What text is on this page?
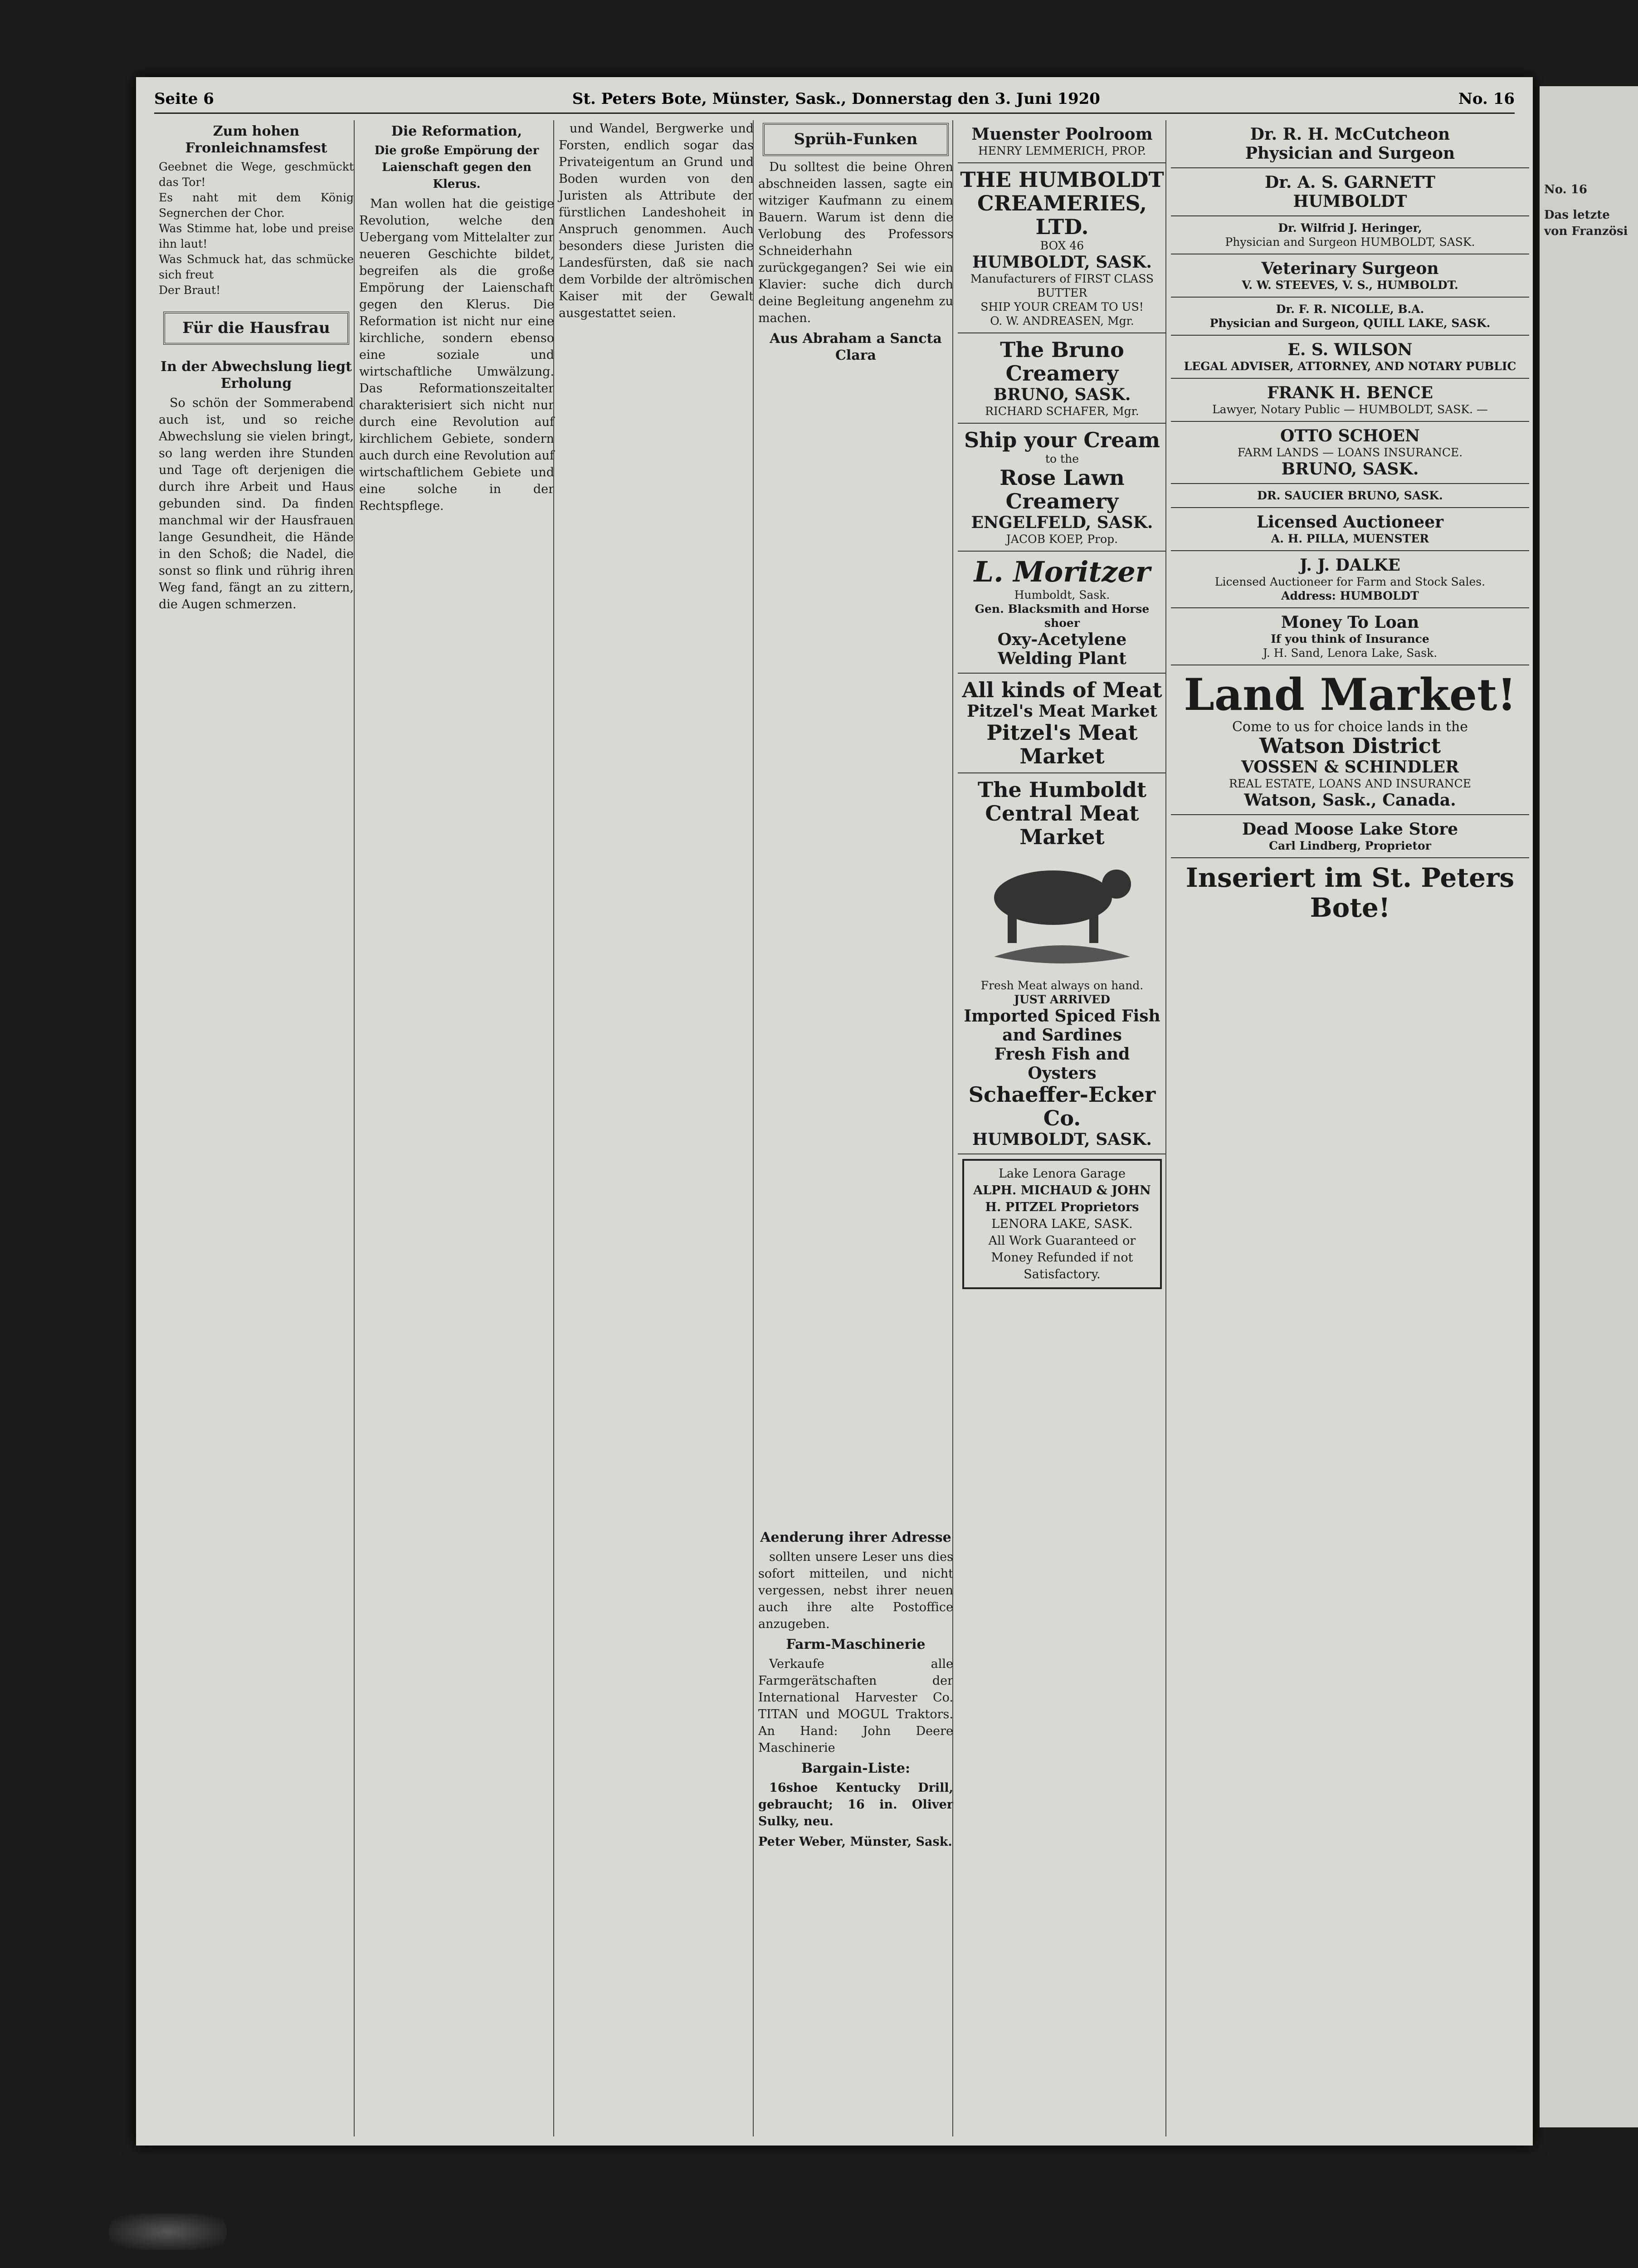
Seite 6	St. Peters Bote, Münster, Sask., Donnerstag den 3. Juni 1920	No. 16
Zum hohen Fronleichnamsfest
Geebnet die Wege, geschmückt das Tor!
Es naht mit dem König Segnerchen der Chor.
Was Stimme hat, lobe und preise ihn laut!
Was Schmuck hat, das schmücke sich freut
Der Braut!
Für die Hausfrau
In der Abwechslung liegt Erholung

So schön der Sommerabend auch ist, und so reiche Abwechslung sie vielen bringt, so lang werden ihre Stunden und Tage oft derjenigen die durch ihre Arbeit und Haus gebunden sind. Da finden manchmal wir der Hausfrauen lange Gesundheit, die Hände in den Schoß; die Nadel, die sonst so flink und rührig ihren Weg fand, fängt an zu zittern, die Augen schmerzen.

Die Reformation,
Die große Empörung der Laienschaft gegen den Klerus.

Man wollen hat die geistige Revolution, welche den Uebergang vom Mittelalter zur neueren Geschichte bildet, begreifen als die große Empörung der Laienschaft gegen den Klerus. Die Reformation ist nicht nur eine kirchliche, sondern ebenso eine soziale und wirtschaftliche Umwälzung. Das Reformationszeitalter charakterisiert sich nicht nur durch eine Revolution auf kirchlichem Gebiete, sondern auch durch eine Revolution auf wirtschaftlichem Gebiete und eine solche in der Rechtspflege.

und Wandel, Bergwerke und Forsten, endlich sogar das Privateigentum an Grund und Boden wurden von den Juristen als Attribute der fürstlichen Landeshoheit in Anspruch genommen. Auch besonders diese Juristen die Landesfürsten, daß sie nach dem Vorbilde der altrömischen Kaiser mit der Gewalt ausgestattet seien.

Sprüh-Funken

Du solltest die beine Ohren abschneiden lassen, sagte ein witziger Kaufmann zu einem Bauern. Warum ist denn die Verlobung des Professors Schneiderhahn zurückgegangen? Sei wie ein Klavier: suche dich durch deine Begleitung angenehm zu machen.

Aus Abraham a Sancta Clara
Aenderung ihrer Adresse

sollten unsere Leser uns dies sofort mitteilen, und nicht vergessen, nebst ihrer neuen auch ihre alte Postoffice anzugeben.

Farm-Maschinerie

Verkaufe alle Farmgerätschaften der International Harvester Co. TITAN und MOGUL Traktors. An Hand: John Deere Maschinerie

Bargain-Liste:

16shoe Kentucky Drill, gebraucht; 16 in. Oliver Sulky, neu.

Peter Weber, Münster, Sask.
Muenster Poolroom
HENRY LEMMERICH, PROP.
THE HUMBOLDT CREAMERIES, LTD.
BOX 46
HUMBOLDT, SASK.
Manufacturers of FIRST CLASS BUTTER
SHIP YOUR CREAM TO US!
O. W. ANDREASEN, Mgr.
The Bruno Creamery
BRUNO, SASK.
RICHARD SCHAFER, Mgr.
Ship your Cream
to the
Rose Lawn Creamery
ENGELFELD, SASK.
JACOB KOEP, Prop.
L. Moritzer
Humboldt, Sask.
Gen. Blacksmith and Horse shoer
Oxy-Acetylene Welding Plant
All kinds of Meat
Pitzel's Meat Market
Pitzel's Meat Market
The Humboldt Central Meat Market
Fresh Meat always on hand.
JUST ARRIVED
Imported Spiced Fish and Sardines
Fresh Fish and Oysters
Schaeffer-Ecker Co.
HUMBOLDT, SASK.
Lake Lenora Garage
ALPH. MICHAUD & JOHN H. PITZEL Proprietors
LENORA LAKE, SASK.
All Work Guaranteed or Money Refunded if not Satisfactory.
Dr. R. H. McCutcheon
Physician and Surgeon
Dr. A. S. GARNETT
HUMBOLDT
Dr. Wilfrid J. Heringer,
Physician and Surgeon HUMBOLDT, SASK.
Veterinary Surgeon
V. W. STEEVES, V. S., HUMBOLDT.
Dr. F. R. NICOLLE, B.A.
Physician and Surgeon, QUILL LAKE, SASK.
E. S. WILSON
LEGAL ADVISER, ATTORNEY, AND NOTARY PUBLIC
FRANK H. BENCE
Lawyer, Notary Public — HUMBOLDT, SASK. —
OTTO SCHOEN
FARM LANDS — LOANS INSURANCE.
BRUNO, SASK.
DR. SAUCIER BRUNO, SASK.
Licensed Auctioneer
A. H. PILLA, MUENSTER
J. J. DALKE
Licensed Auctioneer for Farm and Stock Sales.
Address: HUMBOLDT
Money To Loan
If you think of Insurance
J. H. Sand, Lenora Lake, Sask.
Land Market!
Come to us for choice lands in the
Watson District
VOSSEN & SCHINDLER
REAL ESTATE, LOANS AND INSURANCE
Watson, Sask., Canada.
Dead Moose Lake Store
Carl Lindberg, Proprietor
Inseriert im St. Peters Bote!
No. 16
Das letzte von Französi
